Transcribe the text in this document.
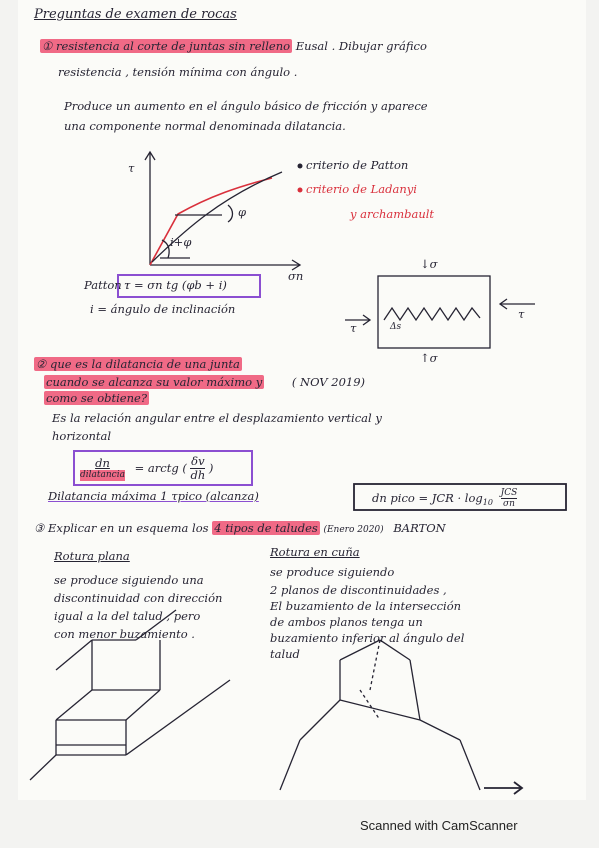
Preguntas de examen de rocas
① resistencia al corte de juntas sin relleno Eusal . Dibujar gráfico
resistencia , tensión mínima con ángulo .
Produce un aumento en el ángulo básico de fricción y aparece
una componente normal denominada dilatancia.
τ
σn
i+φ
φ
criterio de Patton
criterio de Ladanyi
y archambault
Patton :
τ = σn tg (φb + i)
i = ángulo de inclinación
↓σ
↑σ
τ
τ
Δs
② que es la dilatancia de una junta
cuando se alcanza su valor máximo y	( NOV 2019)
como se obtiene?
Es la relación angular entre el desplazamiento vertical y
horizontal
dn
dilatancia
= arctg ( $\frac{\delta v}{dh}$ )
Dilatancia máxima 1 τpico (alcanza)	dn pico = JCR · $\log_{10}$
JCS
σn
③ Explicar en un esquema los 4 tipos de taludes (Enero 2020) BARTON
Rotura plana
se produce siguiendo una
discontinuidad con dirección
igual a la del talud , pero
con menor buzamiento .
Rotura en cuña
se produce siguiendo
2 planos de discontinuidades ,
El buzamiento de la intersección
de ambos planos tenga un
buzamiento inferior al ángulo del
talud
Scanned with CamScanner
